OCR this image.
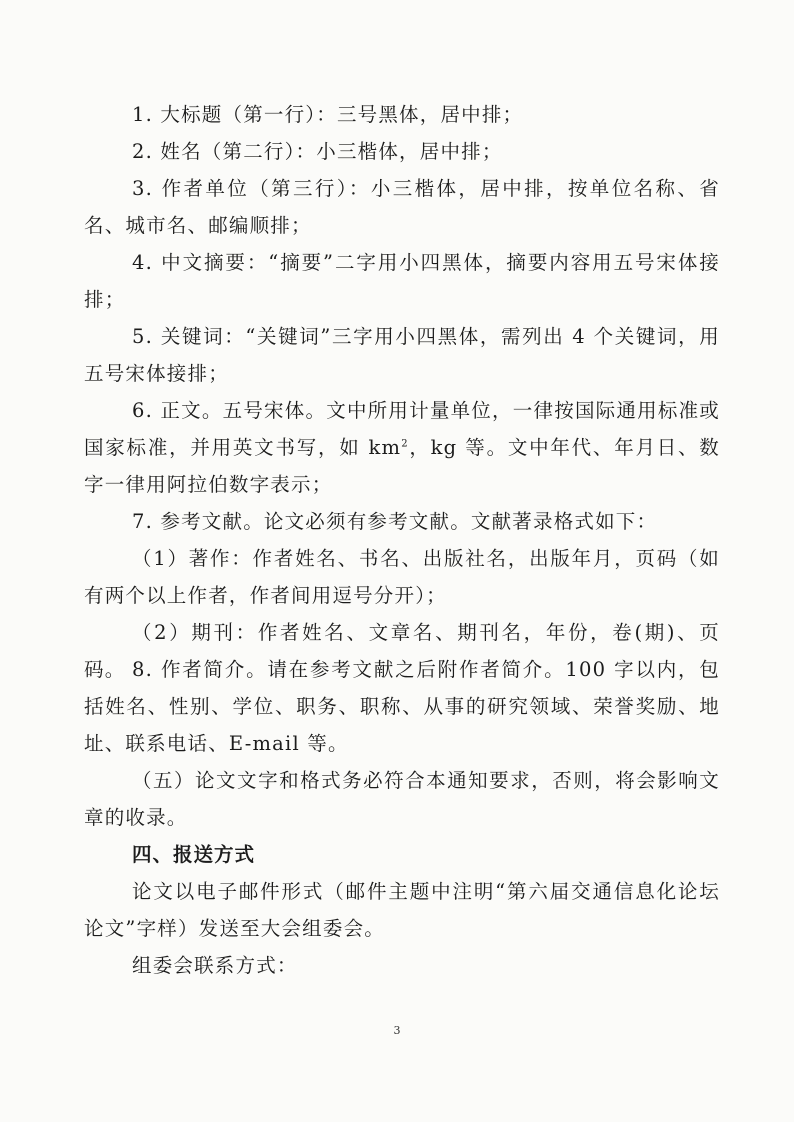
1. 大标题（第一行）：三号黑体，居中排；

2. 姓名（第二行）：小三楷体，居中排；

3. 作者单位（第三行）：小三楷体，居中排，按单位名称、省名、城市名、邮编顺排；

4. 中文摘要：“摘要”二字用小四黑体，摘要内容用五号宋体接排；

5. 关键词：“关键词”三字用小四黑体，需列出 4 个关键词，用五号宋体接排；

6. 正文。五号宋体。文中所用计量单位，一律按国际通用标准或国家标准，并用英文书写，如 $km^2$，kg 等。文中年代、年月日、数字一律用阿拉伯数字表示；

7. 参考文献。论文必须有参考文献。文献著录格式如下：

（1）著作：作者姓名、书名、出版社名，出版年月，页码（如有两个以上作者，作者间用逗号分开）；

（2）期刊：作者姓名、文章名、期刊名，年份，卷(期)、页码。 8. 作者简介。请在参考文献之后附作者简介。100 字以内，包括姓名、性别、学位、职务、职称、从事的研究领域、荣誉奖励、地址、联系电话、E-mail 等。

（五）论文文字和格式务必符合本通知要求，否则，将会影响文章的收录。

四、报送方式

论文以电子邮件形式（邮件主题中注明“第六届交通信息化论坛论文”字样）发送至大会组委会。

组委会联系方式：

3
